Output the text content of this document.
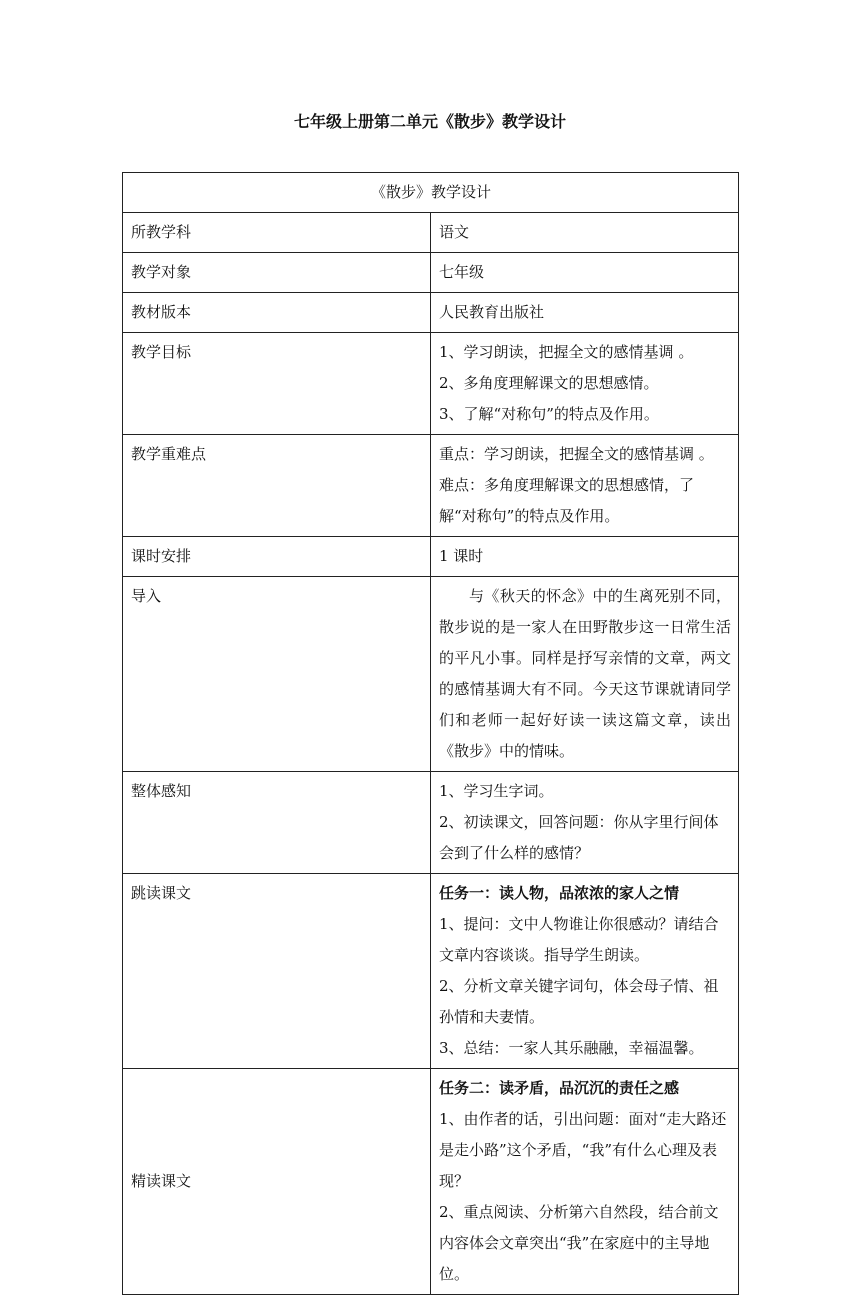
七年级上册第二单元《散步》教学设计
《散步》教学设计	
所教学科	语文

教学对象	七年级

教材版本	人民教育出版社

教学目标	1、学习朗读，把握全文的感情基调 。
2、多角度理解课文的思想感情。
3、了解“对称句”的特点及作用。

教学重难点	重点：学习朗读，把握全文的感情基调 。
难点：多角度理解课文的思想感情，了解“对称句”的特点及作用。

课时安排	1 课时

导入	与《秋天的怀念》中的生离死别不同，散步说的是一家人在田野散步这一日常生活的平凡小事。同样是抒写亲情的文章，两文的感情基调大有不同。今天这节课就请同学们和老师一起好好读一读这篇文章，读出《散步》中的情味。

整体感知	1、学习生字词。
2、初读课文，回答问题：你从字里行间体会到了什么样的感情？

跳读课文	任务一：读人物，品浓浓的家人之情
1、提问：文中人物谁让你很感动？请结合文章内容谈谈。指导学生朗读。
2、分析文章关键字词句，体会母子情、祖孙情和夫妻情。
3、总结：一家人其乐融融，幸福温馨。

精读课文	任务二：读矛盾，品沉沉的责任之感
1、由作者的话，引出问题：面对“走大路还是走小路”这个矛盾，“我”有什么心理及表现？
2、重点阅读、分析第六自然段，结合前文内容体会文章突出“我”在家庭中的主导地位。
